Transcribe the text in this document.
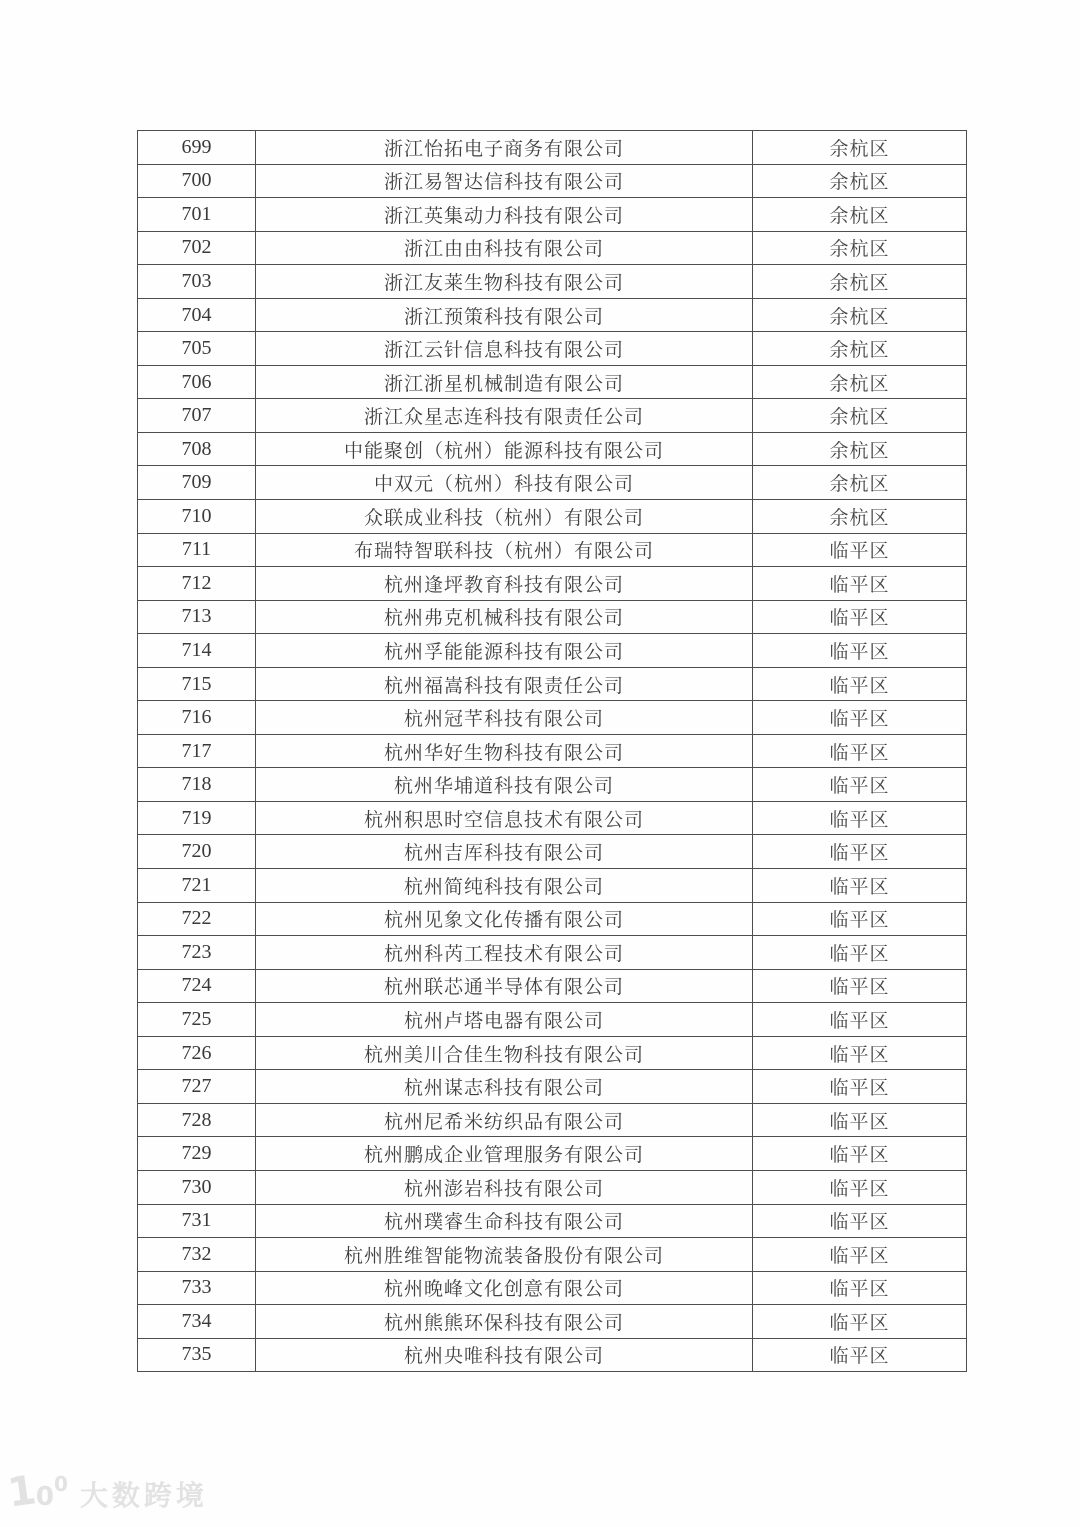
699	浙江怡拓电子商务有限公司	余杭区
700	浙江易智达信科技有限公司	余杭区
701	浙江英集动力科技有限公司	余杭区
702	浙江由由科技有限公司	余杭区
703	浙江友莱生物科技有限公司	余杭区
704	浙江预策科技有限公司	余杭区
705	浙江云针信息科技有限公司	余杭区
706	浙江浙星机械制造有限公司	余杭区
707	浙江众星志连科技有限责任公司	余杭区
708	中能聚创（杭州）能源科技有限公司	余杭区
709	中双元（杭州）科技有限公司	余杭区
710	众联成业科技（杭州）有限公司	余杭区
711	布瑞特智联科技（杭州）有限公司	临平区
712	杭州逢坪教育科技有限公司	临平区
713	杭州弗克机械科技有限公司	临平区
714	杭州孚能能源科技有限公司	临平区
715	杭州福嵩科技有限责任公司	临平区
716	杭州冠芊科技有限公司	临平区
717	杭州华好生物科技有限公司	临平区
718	杭州华埔道科技有限公司	临平区
719	杭州积思时空信息技术有限公司	临平区
720	杭州吉厍科技有限公司	临平区
721	杭州简纯科技有限公司	临平区
722	杭州见象文化传播有限公司	临平区
723	杭州科芮工程技术有限公司	临平区
724	杭州联芯通半导体有限公司	临平区
725	杭州卢塔电器有限公司	临平区
726	杭州美川合佳生物科技有限公司	临平区
727	杭州谋志科技有限公司	临平区
728	杭州尼希米纺织品有限公司	临平区
729	杭州鹏成企业管理服务有限公司	临平区
730	杭州澎岩科技有限公司	临平区
731	杭州璞睿生命科技有限公司	临平区
732	杭州胜维智能物流装备股份有限公司	临平区
733	杭州晚峰文化创意有限公司	临平区
734	杭州熊熊环保科技有限公司	临平区
735	杭州央唯科技有限公司	临平区
1
0 0 大数跨境
